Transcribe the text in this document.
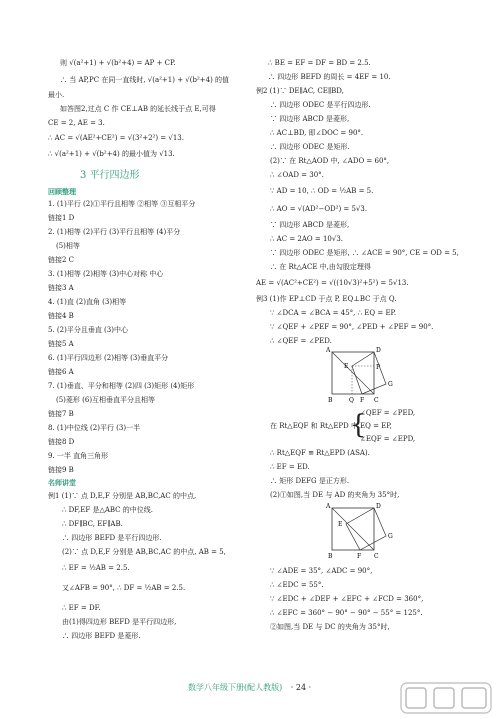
则 √(a²+1) + √(b²+4) = AP + CP.
∴ 当 AP,PC 在同一直线时, √(a²+1) + √(b²+4) 的值
最小.
如答图2,过点 C 作 CE⊥AB 的延长线于点 E,可得
CE = 2, AE = 3.
∴ AC = √(AE²+CE²) = √(3²+2²) = √13.
∴ √(a²+1) + √(b²+4) 的最小值为 √13.
3 平行四边形
回顾整理
1. (1)平行 (2)①平行且相等 ②相等 ③互相平分
链接1 D
2. (1)相等 (2)平行 (3)平行且相等 (4)平分
(5)相等
链接2 C
3. (1)相等 (2)相等 (3)中心对称 中心
链接3 A
4. (1)直 (2)直角 (3)相等
链接4 B
5. (2)平分且垂直 (3)中心
链接5 A
6. (1)平行四边形 (2)相等 (3)垂直平分
链接6 A
7. (1)垂直、平分和相等 (2)四 (3)矩形 (4)矩形
(5)菱形 (6)互相垂直平分且相等
链接7 B
8. (1)中位线 (2)平行 (3)一半
链接8 D
9. 一半 直角三角形
链接9 B
名师讲堂
例1 (1)∵ 点 D,E,F 分别是 AB,BC,AC 的中点,
∴ DF,EF 是△ABC 的中位线.
∴ DF∥BC, EF∥AB.
∴ 四边形 BEFD 是平行四边形.
(2)∵ 点 D,E,F 分别是 AB,BC,AC 的中点, AB = 5,
∴ EF = ½AB = 2.5.
又∠AFB = 90°, ∴ DF = ½AB = 2.5.
∴ EF = DF.
由(1)得四边形 BEFD 是平行四边形,
∴ 四边形 BEFD 是菱形.
∴ BE = EF = DF = BD = 2.5.
∴ 四边形 BEFD 的周长 = 4EF = 10.
例2 (1)∵ DE∥AC, CE∥BD,
∴ 四边形 ODEC 是平行四边形.
∵ 四边形 ABCD 是菱形,
∴ AC⊥BD, 即∠DOC = 90°.
∴ 四边形 ODEC 是矩形.
(2)∵ 在 Rt△AOD 中, ∠ADO = 60°,
∴ ∠OAD = 30°.
∵ AD = 10, ∴ OD = ½AB = 5.
∴ AO = √(AD²−OD²) = 5√3.
∵ 四边形 ABCD 是菱形,
∴ AC = 2AO = 10√3.
∵ 四边形 ODEC 是矩形, ∴ ∠ACE = 90°, CE = OD = 5,
∴ 在 Rt△ACE 中,由勾股定理得
AE = √(AC²+CE²) = √((10√3)²+5²) = 5√13.
例3 (1)作 EP⊥CD 于点 P, EQ⊥BC 于点 Q.
∵ ∠DCA = ∠BCA = 45°, ∴ EQ = EP.
∵ ∠QEF + ∠PEF = 90°, ∠PED + ∠PEF = 90°.
∴ ∠QEF = ∠PED.
A	D
E	P
G
B	Q F C
在 Rt△EQF 和 Rt△EPD 中,
{
∠QEF = ∠PED,
EQ = EP,
∠EQF = ∠EPD,
∴ Rt△EQF ≌ Rt△EPD (ASA).
∴ EF = ED.
∴ 矩形 DEFG 是正方形.
(2)①如图,当 DE 与 AD 的夹角为 35°时,
A	D
E
G
B	F C
∵ ∠ADE = 35°, ∠ADC = 90°,
∴ ∠EDC = 55°.
∵ ∠EDC + ∠DEF + ∠EFC + ∠FCD = 360°,
∴ ∠EFC = 360° − 90° − 90° − 55° = 125°.
②如图,当 DE 与 DC 的夹角为 35°时,
数学八年级下册(配人教版) · 24 ·
